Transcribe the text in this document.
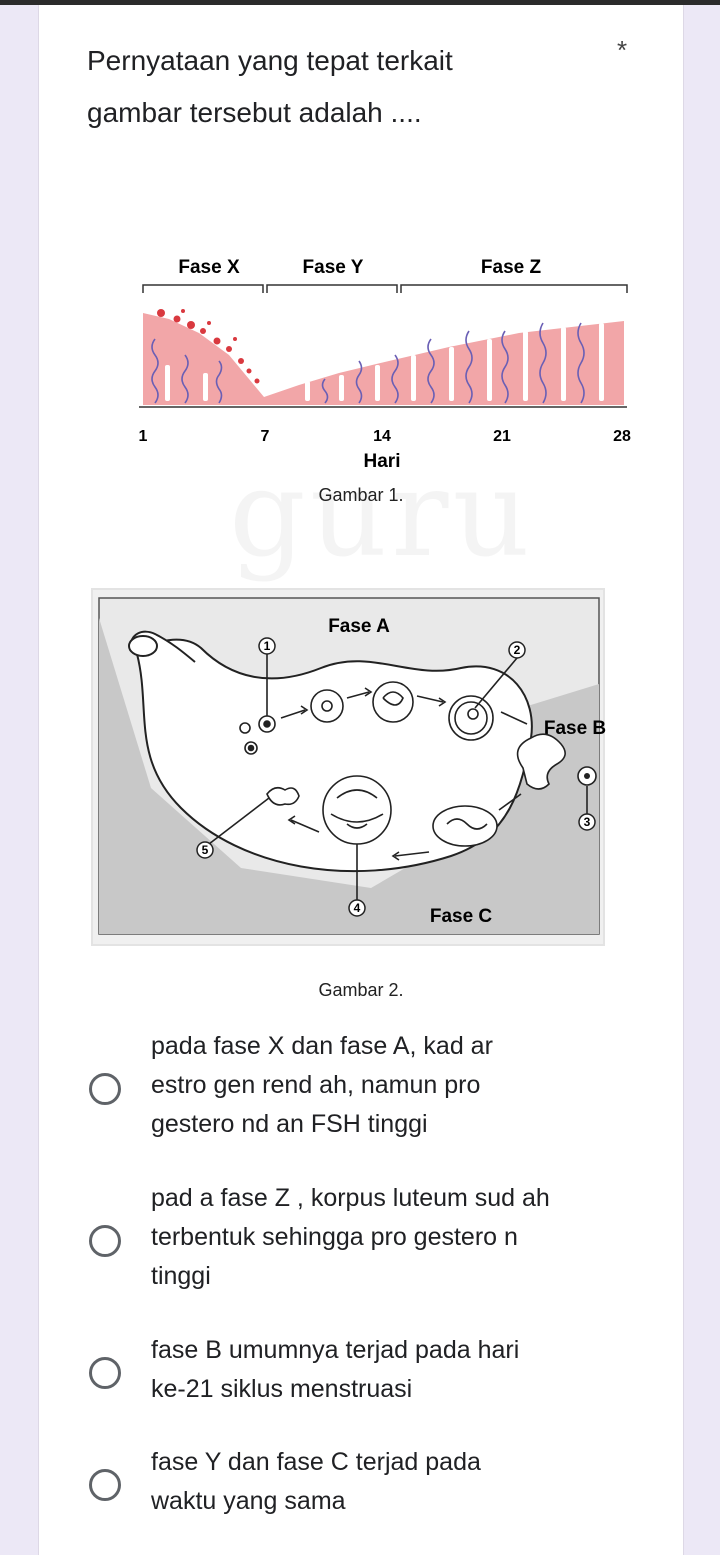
Pernyataan yang tepat terkait
gambar tersebut adalah ....
*
Fase X	Fase Y	Fase Z
1	7	14	21	28
Hari
Gambar 1.
Fase A
Fase B
Fase C
1	2
3
4
5
Gambar 2.
pada fase X dan fase A, kad ar
estro gen rend ah, namun pro
gestero nd an FSH tinggi
pad a fase Z , korpus luteum sud ah
terbentuk sehingga pro gestero n
tinggi
fase B umumnya terjad pada hari
ke-21 siklus menstruasi
fase Y dan fase C terjad pada
waktu yang sama
